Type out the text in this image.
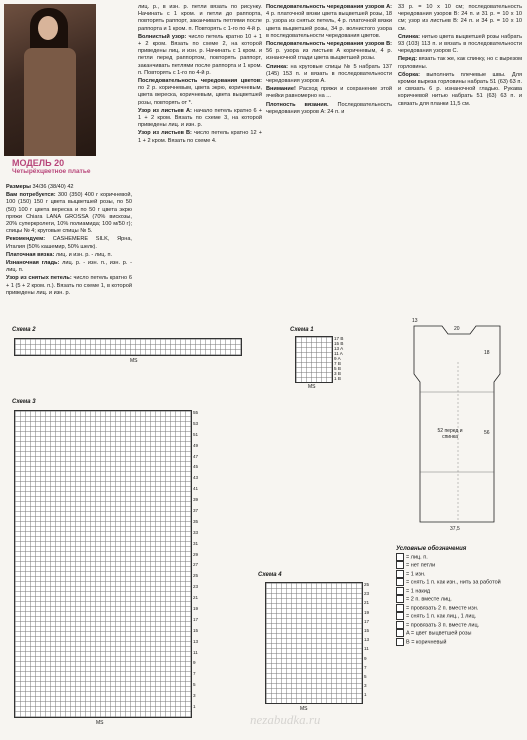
МОДЕЛЬ 20
Четырёхцветное платье

Размеры 34/36 (38/40) 42

Вам потребуется: 300 (350) 400 г коричневой, 100 (150) 150 г цвета выцветшей розы, по 50 (50) 100 г цвета вереска и по 50 г цвета экрю пряжи Chiara LANA GROSSA (70% вискозы, 20% суперкролеги, 10% полиамида; 100 м/50 г); спицы № 4; круговые спицы № 5.

Рекомендуем: CASHEMERE SILK, Ярна, Италия (50% кашемир, 50% шелк).

Платочная вязка: лиц. и изн. р. - лиц. п.

Изнаночная гладь: лиц. р. - изн. п., изн. р. - лиц. п.

Узор из снятых петель: число петель кратно 6 + 1 (5 + 2 кром. п.). Вязать по схеме 1, в которой приведены лиц. и изн. р.

лиц. р., в изн. р. петли вязать по рисунку. Начинать с 1 кром. и петли до раппорта, повторять раппорт, заканчивать петлями после раппорта и 1 кром. п. Повторять с 1-го по 4-й р.

Волнистый узор: число петель кратно 10 + 1 + 2 кром. Вязать по схеме 2, на которой приведены лиц. и изн. р. Начинать с 1 кром. и петли перед раппортом, повторять раппорт, заканчивать петлями после раппорта и 1 кром. п. Повторять с 1-го по 4-й р.

Последовательность чередования цветов: по 2 р. коричневым, цвета экрю, коричневым, цвета вереска, коричневым, цвета выцветшей розы, повторять от *.

Узор из листьев A: начало петель кратно 6 + 1 + 2 кром. Вязать по схеме 3, на которой приведены лиц. и изн. р.

Узор из листьев B: число петель кратно 12 + 1 + 2 кром. Вязать по схеме 4.

Последовательность чередования узоров A: 4 р. платочной вязки цвета выцветшей розы, 18 р. узора из снятых петель, 4 р. платочной вязки цвета выцветшей розы, 34 р. волнистого узора в последовательности чередования цветов.

Последовательность чередования узоров B: 56 р. узора из листьев A коричневым, 4 р. изнаночной глади цвета выцветшей розы.

Спинка: на круговые спицы № 5 набрать 137 (145) 153 п. и вязать в последовательности чередования узоров А.

Внимание! Расход пряжи и сохранение этой ячейки равномерно на ...

Плотность вязания. Последовательность чередования узоров А: 24 п. и

33 р. = 10 х 10 см; последовательность чередования узоров B: 24 п. и 31 р. = 10 х 10 см; узор из листьев B: 24 п. и 34 р. = 10 х 10 см.

Спинка: нитью цвета выцветшей розы набрать 93 (103) 113 п. и вязать в последовательности чередования узоров С.

Перед: вязать так же, как спинку, но с вырезом горловины.

Сборка: выполнить плечевые швы. Для кромки выреза горловины набрать 51 (63) 63 п. и связать 6 р. изнаночной гладью. Рукава коричневой нитью набрать 51 (63) 63 п. и связать для планки 11,5 см.

Схема 2
MS
Схема 1
17 B
15 B
13 A
11 A
9 A
7 B
5 B
3 B
1 B
MS
Схема 3
55
53
51
49
47
45
43
41
39
37
35
33
31
29
27
25
23
21
19
17
15
13
11
9
7
5
3
1
MS
Схема 4
25
23
21
19
17
15
13
11
9
7
5
3
1
MS
52 перед и спинка
56
18
13
20
37,5
Условные обозначения
= лиц. п.
= нет петли
= 1 изн.
= снять 1 п. как изн., нить за работой
= 1 накид
= 2 п. вместе лиц.
= провязать 2 п. вместе изн.
= снять 1 п. как лиц., 1 лиц.
= провязать 3 п. вместе лиц.
A = цвет выцветшей розы
B = коричневый
nezabudka.ru
